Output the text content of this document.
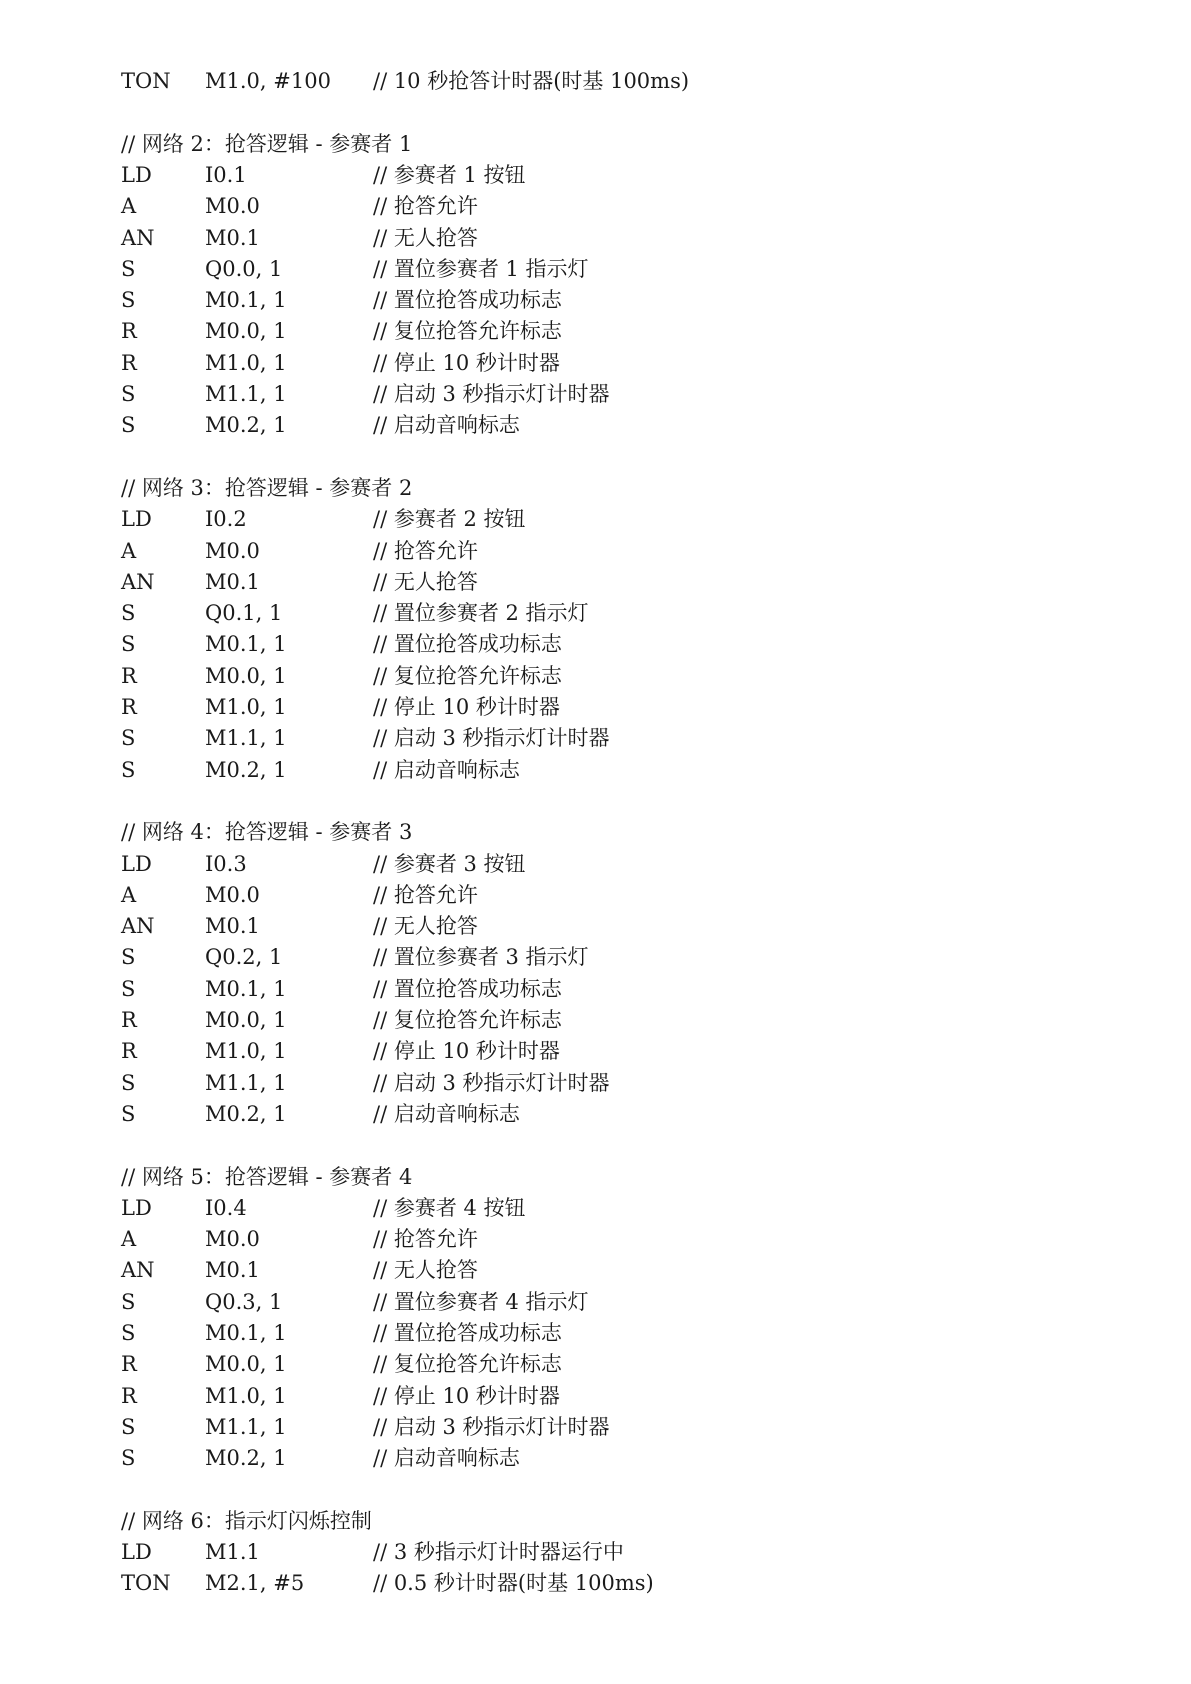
TON M1.0, #100 // 10 秒抢答计时器(时基 100ms)
// 网络 2：抢答逻辑 - 参赛者 1
LD	I0.1	// 参赛者 1 按钮
A	M0.0	// 抢答允许
AN M0.1	// 无人抢答
S	Q0.0, 1	// 置位参赛者 1 指示灯
S	M0.1, 1	// 置位抢答成功标志
R	M0.0, 1	// 复位抢答允许标志
R	M1.0, 1	// 停止 10 秒计时器
S	M1.1, 1	// 启动 3 秒指示灯计时器
S	M0.2, 1	// 启动音响标志
// 网络 3：抢答逻辑 - 参赛者 2
LD	I0.2	// 参赛者 2 按钮
A	M0.0	// 抢答允许
AN M0.1	// 无人抢答
S	Q0.1, 1	// 置位参赛者 2 指示灯
S	M0.1, 1	// 置位抢答成功标志
R	M0.0, 1	// 复位抢答允许标志
R	M1.0, 1	// 停止 10 秒计时器
S	M1.1, 1	// 启动 3 秒指示灯计时器
S	M0.2, 1	// 启动音响标志
// 网络 4：抢答逻辑 - 参赛者 3
LD	I0.3	// 参赛者 3 按钮
A	M0.0	// 抢答允许
AN M0.1	// 无人抢答
S	Q0.2, 1	// 置位参赛者 3 指示灯
S	M0.1, 1	// 置位抢答成功标志
R	M0.0, 1	// 复位抢答允许标志
R	M1.0, 1	// 停止 10 秒计时器
S	M1.1, 1	// 启动 3 秒指示灯计时器
S	M0.2, 1	// 启动音响标志
// 网络 5：抢答逻辑 - 参赛者 4
LD	I0.4	// 参赛者 4 按钮
A	M0.0	// 抢答允许
AN M0.1	// 无人抢答
S	Q0.3, 1	// 置位参赛者 4 指示灯
S	M0.1, 1	// 置位抢答成功标志
R	M0.0, 1	// 复位抢答允许标志
R	M1.0, 1	// 停止 10 秒计时器
S	M1.1, 1	// 启动 3 秒指示灯计时器
S	M0.2, 1	// 启动音响标志
// 网络 6：指示灯闪烁控制
LD	M1.1	// 3 秒指示灯计时器运行中
TON M2.1, #5	// 0.5 秒计时器(时基 100ms)
